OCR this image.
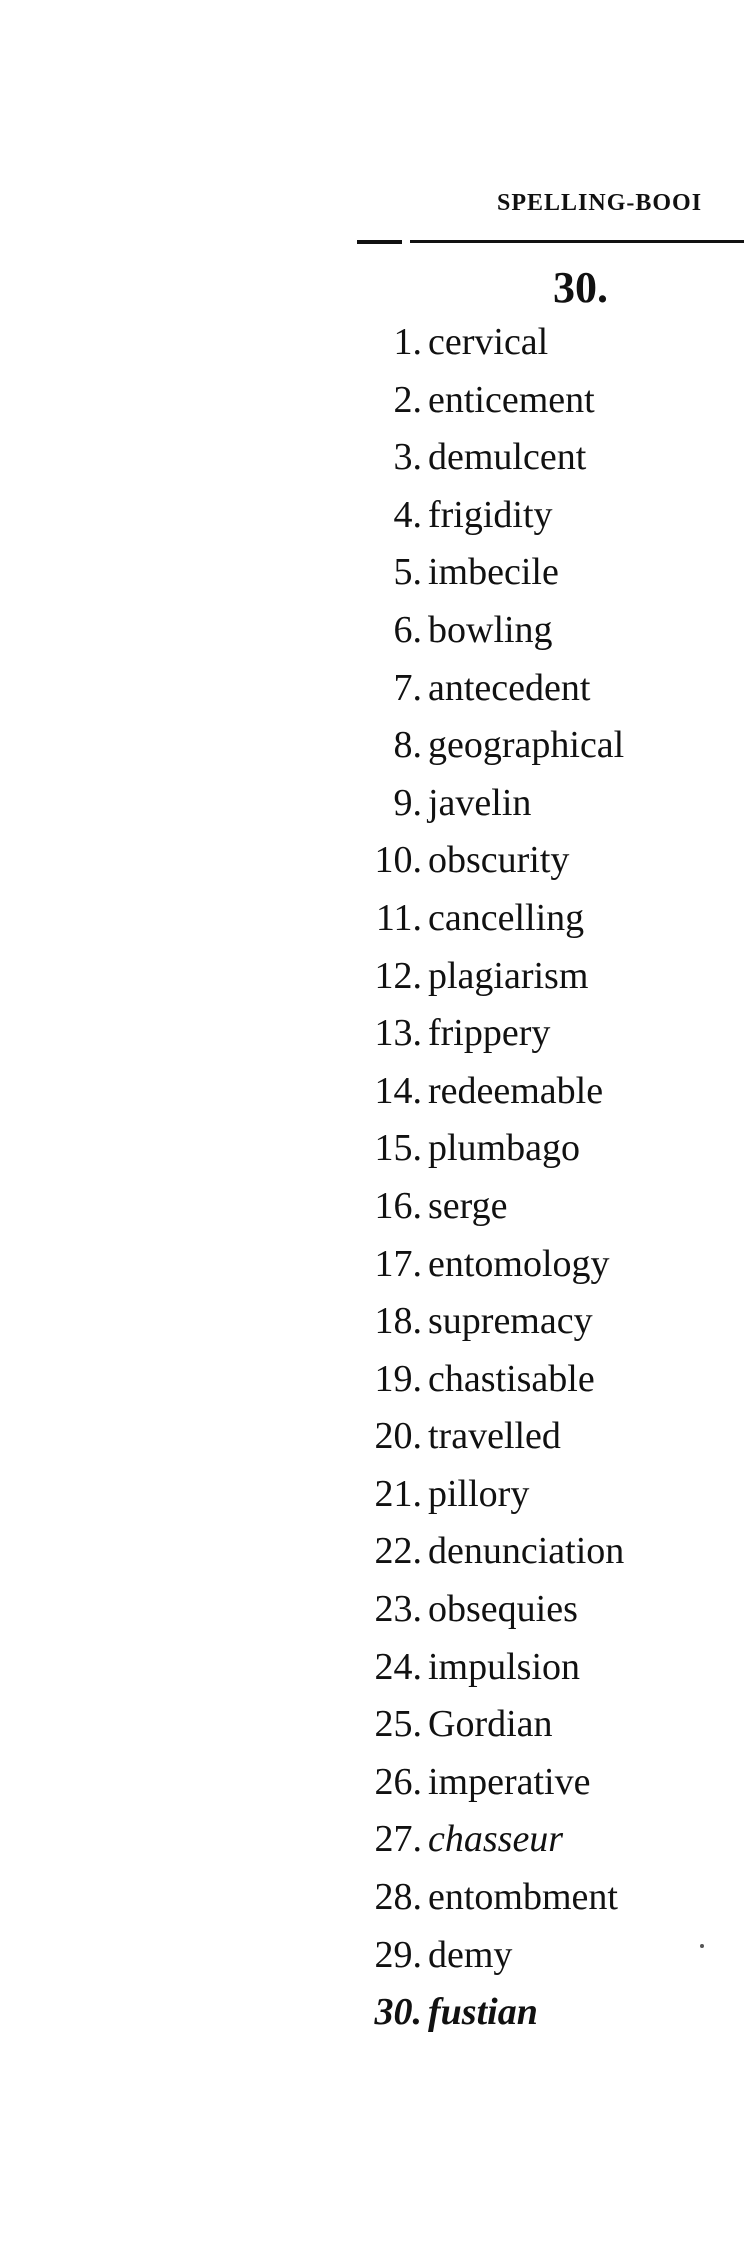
SPELLING-BOOI
30.
1. cervical
2. enticement
3. demulcent
4. frigidity
5. imbecile
6. bowling
7. antecedent
8. geographical
9. javelin
10. obscurity
11. cancelling
12. plagiarism
13. frippery
14. redeemable
15. plumbago
16. serge
17. entomology
18. supremacy
19. chastisable
20. travelled
21. pillory
22. denunciation
23. obsequies
24. impulsion
25. Gordian
26. imperative
27. chasseur
28. entombment
29. demy
30. fustian
